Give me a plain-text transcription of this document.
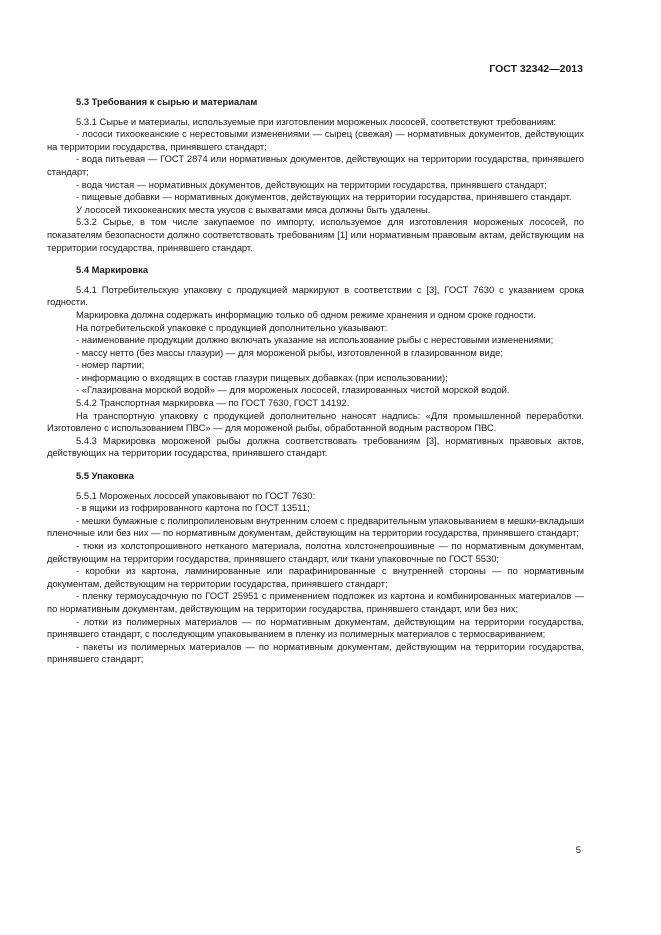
ГОСТ 32342—2013
5.3 Требования к сырью и материалам
5.3.1 Сырье и материалы, используемые при изготовлении мороженых лососей, соответствуют требованиям:
- лососи тихоокеанские с нерестовыми изменениями — сырец (свежая) — нормативных документов, действующих на территории государства, принявшего стандарт;
- вода питьевая — ГОСТ 2874 или нормативных документов, действующих на территории государства, принявшего стандарт;
- вода чистая — нормативных документов, действующих на территории государства, принявшего стандарт;
- пищевые добавки — нормативных документов, действующих на территории государства, принявшего стандарт.
У лососей тихоокеанских места укусов с выхватами мяса должны быть удалены.
5.3.2 Сырье, в том числе закупаемое по импорту, используемое для изготовления мороженых лососей, по показателям безопасности должно соответствовать требованиям [1] или нормативным правовым актам, действующим на территории государства, принявшего стандарт.
5.4 Маркировка
5.4.1 Потребительскую упаковку с продукцией маркируют в соответствии с [3], ГОСТ 7630 с указанием срока годности.
Маркировка должна содержать информацию только об одном режиме хранения и одном сроке годности.
На потребительской упаковке с продукцией дополнительно указывают:
- наименование продукции должно включать указание на использование рыбы с нерестовыми изменениями;
- массу нетто (без массы глазури) — для мороженой рыбы, изготовленной в глазированном виде;
- номер партии;
- информацию о входящих в состав глазури пищевых добавках (при использовании);
- «Глазирована морской водой» — для мороженых лососей, глазированных чистой морской водой.
5.4.2 Транспортная маркировка — по ГОСТ 7630, ГОСТ 14192.
На транспортную упаковку с продукцией дополнительно наносят надпись: «Для промышленной переработки. Изготовлено с использованием ПВС» — для мороженой рыбы, обработанной водным раствором ПВС.
5.4.3 Маркировка мороженой рыбы должна соответствовать требованиям [3], нормативных правовых актов, действующих на территории государства, принявшего стандарт.
5.5 Упаковка
5.5.1 Мороженых лососей упаковывают по ГОСТ 7630:
- в ящики из гофрированного картона по ГОСТ 13511;
- мешки бумажные с полипропиленовым внутренним слоем с предварительным упаковыванием в мешки-вкладыши пленочные или без них — по нормативным документам, действующим на территории государства, принявшего стандарт;
- тюки из холстопрошивного нетканого материала, полотна холстонепрошивные — по нормативным документам, действующим на территории государства, принявшего стандарт, или ткани упаковочные по ГОСТ 5530;
- коробки из картона, ламинированные или парафинированные с внутренней стороны — по нормативным документам, действующим на территории государства, принявшего стандарт;
- пленку термоусадочную по ГОСТ 25951 с применением подложек из картона и комбинированных материалов — по нормативным документам, действующим на территории государства, принявшего стандарт, или без них;
- лотки из полимерных материалов — по нормативным документам, действующим на территории государства, принявшего стандарт, с последующим упаковыванием в пленку из полимерных материалов с термосвариванием;
- пакеты из полимерных материалов — по нормативным документам, действующим на территории государства, принявшего стандарт;
5
